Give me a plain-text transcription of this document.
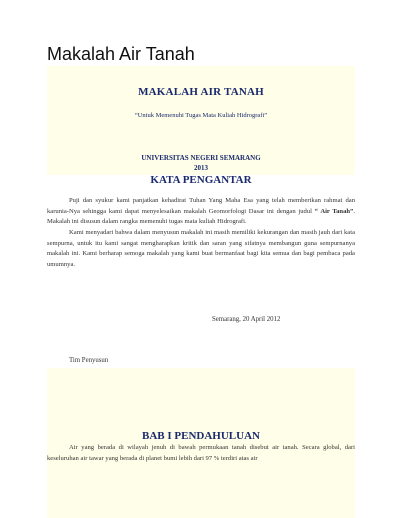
Makalah Air Tanah
MAKALAH AIR TANAH
“Untuk Memenuhi Tugas Mata Kuliah Hidrografi”
UNIVERSITAS NEGERI SEMARANG
2013
KATA PENGANTAR

Puji dan syukur kami panjatkan kehadirat Tuhan Yang Maha Esa yang telah memberikan rahmat dan karunia-Nya sehingga kami dapat menyelesaikan makalah Geomorfologi Dasar ini dengan judul “ Air Tanah”. Makalah ini disusun dalam rangka memenuhi tugas mata kuliah Hidrografi.

Kami menyadari bahwa dalam menyusun makalah ini masih memiliki kekurangan dan masih jauh dari kata sempurna, untuk itu kami sangat mengharapkan kritik dan saran yang sifatnya membangun guna sempurnanya makalah ini. Kami berharap semoga makalah yang kami buat bermanfaat bagi kita semua dan bagi pembaca pada umumnya.

Semarang, 20 April 2012
Tim Penyusun
BAB I PENDAHULUAN

Air yang berada di wilayah jenuh di bawah permukaan tanah disebut air tanah. Secara global, dari keseluruhan air tawar yang berada di planet bumi lebih dari 97 % terdiri atas air
